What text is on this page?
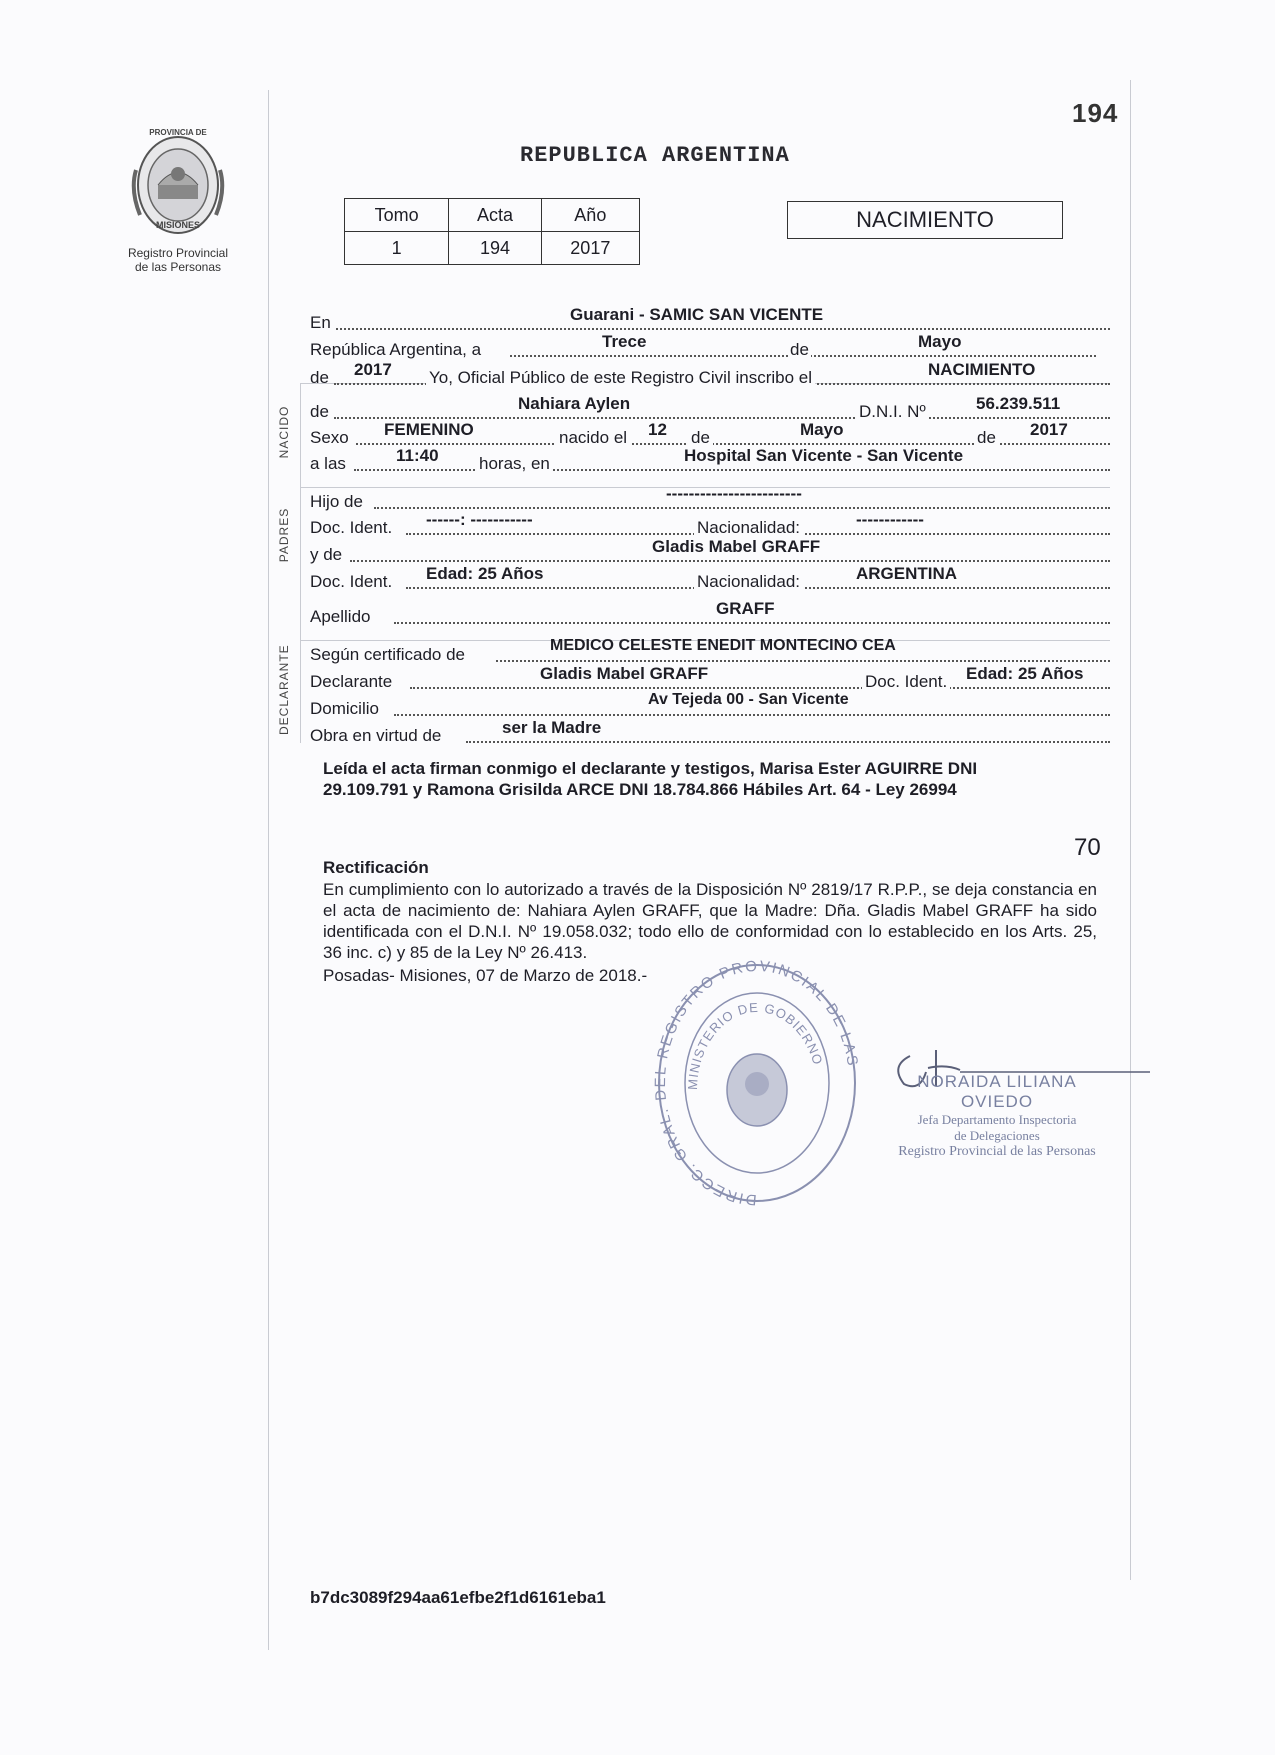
PROVINCIA DE
MISIONES
Registro Provincial
de las Personas
194
REPUBLICA ARGENTINA
Tomo	Acta	Año
1	194	2017
NACIMIENTO
NACIDO
PADRES
DECLARANTE
En	Guarani - SAMIC SAN VICENTE
República Argentina, a	Trece	de	Mayo
de 2017 Yo, Oficial Público de este Registro Civil inscribo el	NACIMIENTO
de	Nahiara Aylen	D.N.I. Nº	56.239.511
Sexo FEMENINO	nacido el 12 de	Mayo	de 2017
a las	11:40 horas, en	Hospital San Vicente - San Vicente
Hijo de	------------------------
Doc. Ident. ------: -----------	Nacionalidad:	------------
y de	Gladis Mabel GRAFF
Doc. Ident. Edad: 25 Años	Nacionalidad:	ARGENTINA
Apellido	GRAFF
Según certificado de	MEDICO CELESTE ENEDIT MONTECINO CEA
Declarante	Gladis Mabel GRAFF	Doc. Ident. Edad: 25 Años
Domicilio	Av Tejeda 00 - San Vicente
Obra en virtud de	ser la Madre
Leída el acta firman conmigo el declarante y testigos, Marisa Ester AGUIRRE DNI
29.109.791 y Ramona Grisilda ARCE DNI 18.784.866 Hábiles Art. 64 - Ley 26994
70
Rectificación
En cumplimiento con lo autorizado a través de la Disposición Nº 2819/17 R.P.P., se deja constancia en el acta de nacimiento de: Nahiara Aylen GRAFF, que la Madre: Dña. Gladis Mabel GRAFF ha sido identificada con el D.N.I. Nº 19.058.032; todo ello de conformidad con lo establecido en los Arts. 25, 36 inc. c) y 85 de la Ley Nº 26.413.
Posadas- Misiones, 07 de Marzo de 2018.-
DIRECC. GRAL. DEL REGISTRO PROVINCIAL DE LAS
MINISTERIO DE GOBIERNO
NORAIDA LILIANA OVIEDO
Jefa Departamento Inspectoria
de Delegaciones
Registro Provincial de las Personas
b7dc3089f294aa61efbe2f1d6161eba1
